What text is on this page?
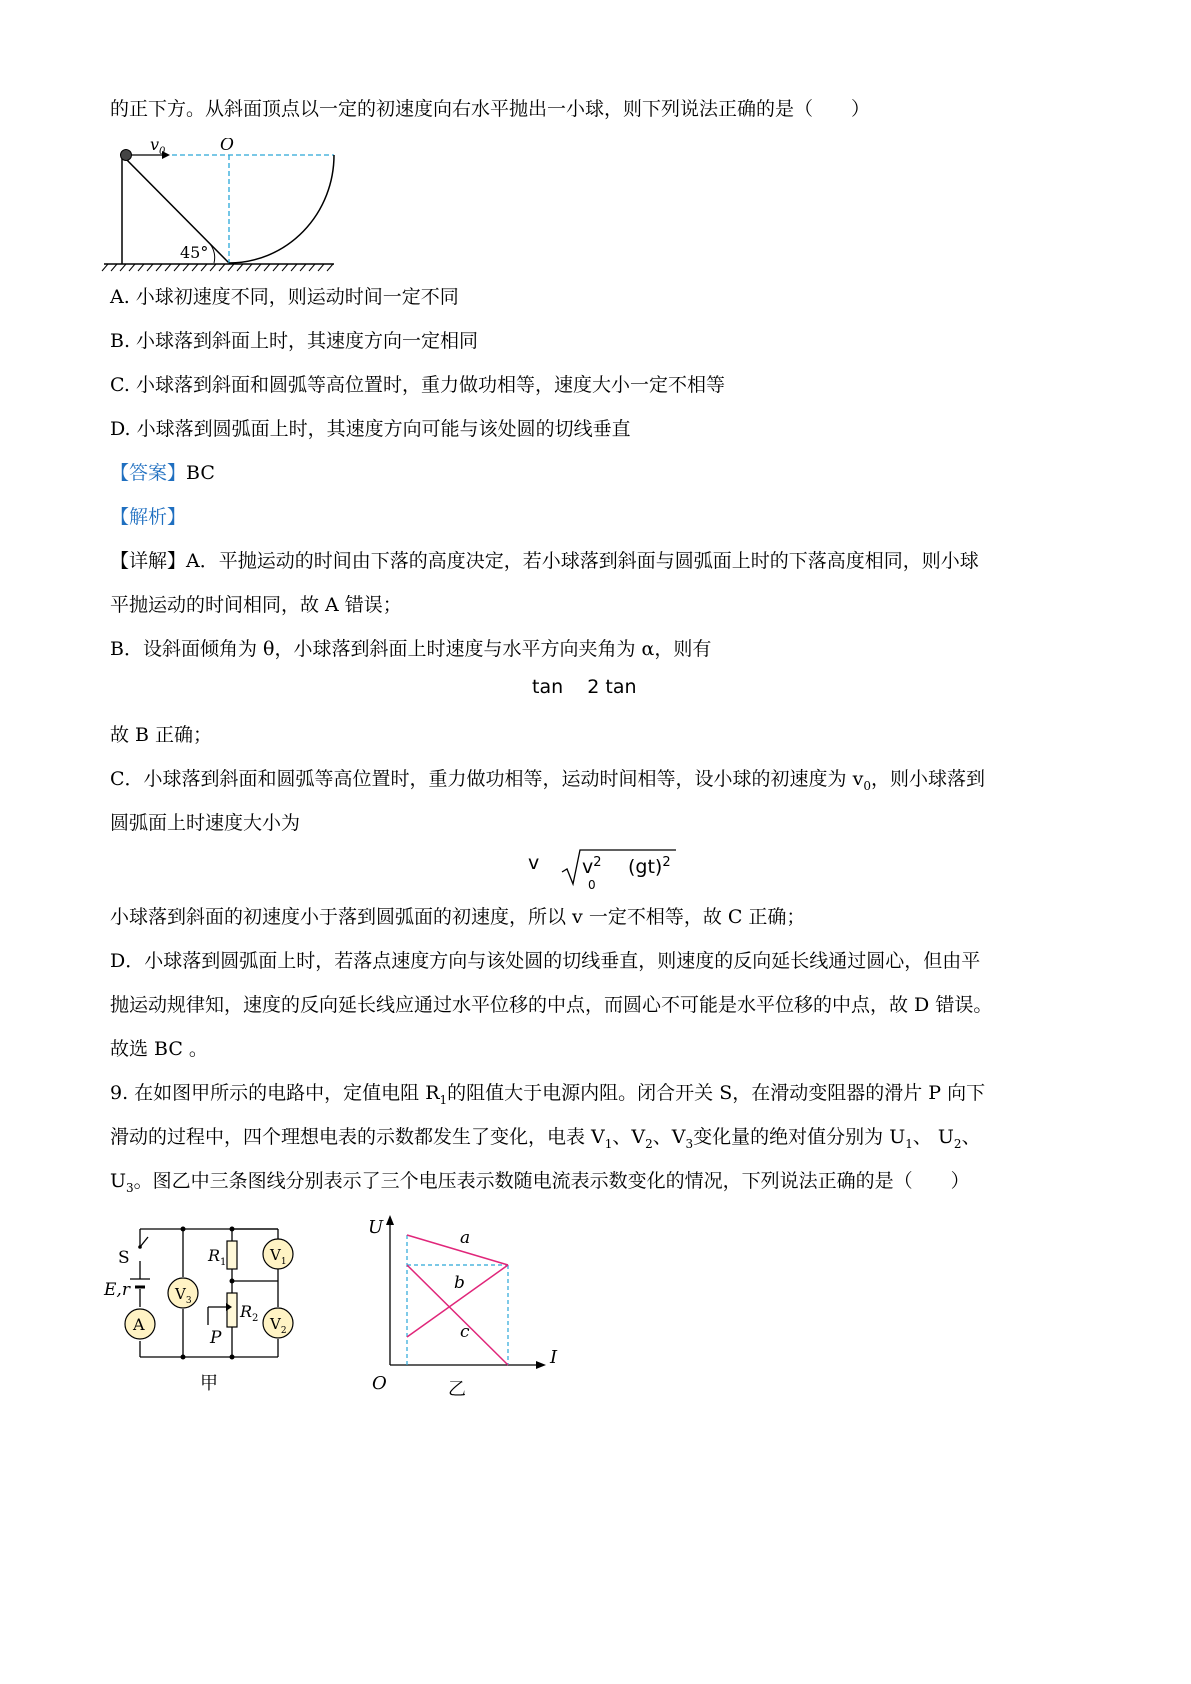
的正下方。从斜面顶点以一定的初速度向右水平抛出一小球，则下列说法正确的是（　　）
$v_0$	O
45°
A. 小球初速度不同，则运动时间一定不同
B. 小球落到斜面上时，其速度方向一定相同
C. 小球落到斜面和圆弧等高位置时，重力做功相等，速度大小一定不相等
D. 小球落到圆弧面上时，其速度方向可能与该处圆的切线垂直
【答案】BC
【解析】
【详解】A．平抛运动的时间由下落的高度决定，若小球落到斜面与圆弧面上时的下落高度相同，则小球
平抛运动的时间相同，故 A 错误；
B．设斜面倾角为 θ，小球落到斜面上时速度与水平方向夹角为 α，则有
tan    2 tan
故 B 正确；
C．小球落到斜面和圆弧等高位置时，重力做功相等，运动时间相等，设小球的初速度为 $v_0$，则小球落到
圆弧面上时速度大小为
v $v^2$
0
(gt)$^2$
小球落到斜面的初速度小于落到圆弧面的初速度，所以 v 一定不相等，故 C 正确；
D．小球落到圆弧面上时，若落点速度方向与该处圆的切线垂直，则速度的反向延长线通过圆心，但由平
抛运动规律知，速度的反向延长线应通过水平位移的中点，而圆心不可能是水平位移的中点，故 D 错误。
故选 BC 。
9. 在如图甲所示的电路中，定值电阻 $R_1$的阻值大于电源内阻。闭合开关 S，在滑动变阻器的滑片 P 向下
滑动的过程中，四个理想电表的示数都发生了变化，电表 $V_1$、$V_2$、$V_3$变化量的绝对值分别为 $U_1$、 $U_2$、
$U_3$。图乙中三条图线分别表示了三个电压表示数随电流表示数变化的情况，下列说法正确的是（　　）
S
E,r
A
$V_3$
$V_1$
$V_2$
$R_1$
$R_2$
P
甲
U
I
O
a
b
c
乙
